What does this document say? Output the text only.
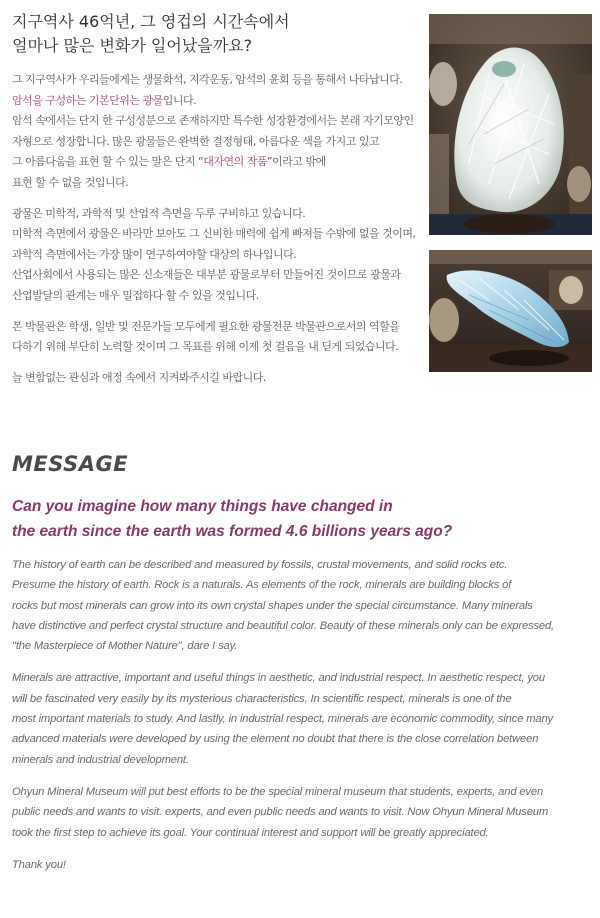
지구역사 46억년, 그 영겁의 시간속에서
얼마나 많은 변화가 일어났을까요?

그 지구역사가 우리들에게는 생물화석, 지각운동, 암석의 윤회 등을 통해서 나타납니다.
암석을 구성하는 기본단위는 광물입니다.
암석 속에서는 단지 한 구성성분으로 존재하지만 특수한 성장환경에서는 본래 자기모양인
자형으로 성장합니다. 많은 광물들은 완벽한 결정형태, 아름다운 색을 가지고 있고
그 아름다움을 표현 할 수 있는 말은 단지 “대자연의 작품”이라고 밖에
표현 할 수 없을 것입니다.

광물은 미학적, 과학적 및 산업적 측면을 두루 구비하고 있습니다.
미학적 측면에서 광물은 바라만 보아도 그 신비한 매력에 쉽게 빠져들 수밖에 없을 것이며,
과학적 측면에서는 가장 많이 연구하여야할 대상의 하나입니다.
산업사회에서 사용되는 많은 신소재들은 대부분 광물로부터 만들어진 것이므로 광물과
산업발달의 관계는 매우 밀접하다 할 수 있을 것입니다.

본 박물관은 학생, 일반 및 전문가들 모두에게 필요한 광물전문 박물관으로서의 역할을
다하기 위해 부단히 노력할 것이며 그 목표를 위해 이제 첫 걸음을 내 딛게 되었습니다.

늘 변함없는 관심과 애정 속에서 지켜봐주시길 바랍니다.

MESSAGE
Can you imagine how many things have changed in
the earth since the earth was formed 4.6 billions years ago?

The history of earth can be described and measured by fossils, crustal movements, and solid rocks etc.
Presume the history of earth. Rock is a naturals. As elements of the rock, minerals are building blocks of
rocks but most minerals can grow into its own crystal shapes under the special circumstance. Many minerals
have distinctive and perfect crystal structure and beautiful color. Beauty of these minerals only can be expressed,
"the Masterpiece of Mother Nature", dare I say.

Minerals are attractive, important and useful things in aesthetic, and industrial respect. In aesthetic respect, you
will be fascinated very easily by its mysterious characteristics, In scientific respect, minerals is one of the
most important materials to study. And lastly, in industrial respect, minerals are economic commodity, since many
advanced materials were developed by using the element no doubt that there is the close correlation between
minerals and industrial development.

Ohyun Mineral Museum will put best efforts to be the special mineral museum that students, experts, and even
public needs and wants to visit. experts, and even public needs and wants to visit. Now Ohyun Mineral Museum
took the first step to achieve its goal. Your continual interest and support will be greatly appreciated.

Thank you!
